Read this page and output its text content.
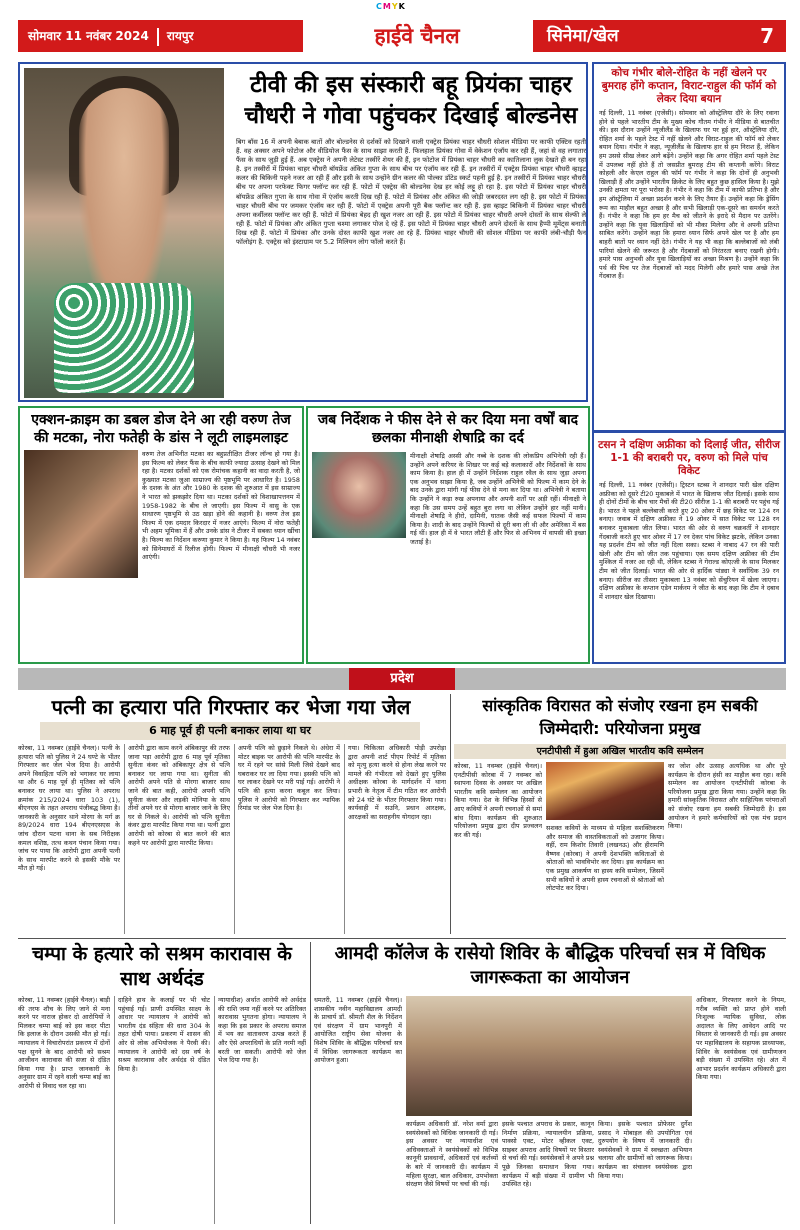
CMYK
सोमवार 11 नवंबर 2024 रायपुर	हाईवे चैनल	सिनेमा/खेल	7
टीवी की इस संस्कारी बहू प्रियंका चाहर चौधरी ने गोवा पहुंचकर दिखाई बोल्डनेस
बिग बॉस 16 में अपनी बेबाक बातों और बोल्डनेस से दर्शकों को दिखाने वाली एक्ट्रेस प्रियंका चाहर चौधरी सोशल मीडिया पर काफी एक्टिव रहती हैं. वह अक्सर अपने फोटोज और वीडियोज फैंस के साथ साझा करती हैं. फिलहाल प्रियंका गोवा में वेकेशन एंजॉय कर रही हैं, जहां से वह लगातार फैंस के साथ जुड़ी हुई हैं. अब एक्ट्रेस ने अपनी लेटेस्ट तस्वीरें शेयर की हैं, इन फोटोज में प्रियंका चाहर चौधरी का कातिलाना लुक देखते ही बन रहा है. इन तस्वीरों में प्रियंका चाहर चौधरी बॉयफ्रेंड अंकित गुप्ता के साथ बीच पर एंजॉय कर रही हैं. इन तस्वीरों में एक्ट्रेस प्रियंका चाहर चौधरी व्हाइट कलर की बिकिनी पहने नजर आ रही हैं और इसी के साथ उन्होंने ग्रीन कलर की पोल्का डॉटेड स्कर्ट पहनी हुई है. इन तस्वीरों में प्रियंका चाहर चौधरी बीच पर अपना परफेक्ट फिगर फ्लॉन्ट कर रही हैं. फोटो में एक्ट्रेस की बोल्डनेस देख हर कोई लट्टू हो रहा है. इस फोटो में प्रियंका चाहर चौधरी बॉयफ्रेंड अंकित गुप्ता के साथ गोवा में एंजॉय करती दिख रही हैं. फोटो में प्रियंका और अंकित की जोड़ी जबरदस्त लग रही है. इस फोटो में प्रियंका चाहर चौधरी बीच पर जमकर एंजॉय कर रही हैं. फोटो में एक्ट्रेस अपनी पूरी बैक फ्लॉन्ट कर रही हैं. इस व्हाइट बिकिनी में प्रियंका चाहर चौधरी अपना कर्वीलस फ्लॉन्ट कर रही हैं. फोटो में प्रियंका बेहद ही खुश नजर आ रही हैं. इस फोटो में प्रियंका चाहर चौधरी अपने दोस्तों के साथ सेल्फी ले रही हैं. फोटो में प्रियंका और अंकित गुप्ता चश्मा लगाकर पोज दे रहे हैं. इस फोटो में प्रियंका चाहर चौधरी अपने दोस्तों के साथ हैप्पी मूमेंट्स बनाती दिख रही हैं. फोटो में प्रियंका और उनके दोस्त काफी खुश नजर आ रहे हैं. प्रियंका चाहर चौधरी की सोशल मीडिया पर काफी लंबी-चौड़ी फैन फॉलोइंग है. एक्ट्रेस को इंस्टाग्राम पर 5.2 मिलियन लोग फॉलो करते हैं।
कोच गंभीर बोले-रोहित के नहीं खेलने पर बुमराह होंगे कप्तान, विराट-राहुल की फॉर्म को लेकर दिया बयान
नई दिल्ली, 11 नवंबर (एजेंसी)। सोमवार को ऑस्ट्रेलिया दौरे के लिए रवाना होने से पहले भारतीय टीम के मुख्य कोच गौतम गंभीर ने मीडिया से बातचीत की। इस दौरान उन्होंने न्यूजीलैंड के खिलाफ घर पर हुई हार, ऑस्ट्रेलिया दौरे, रोहित शर्मा के पहले टेस्ट में नहीं खेलने और विराट-राहुल की फॉर्म को लेकर बयान दिया। गंभीर ने कहा, न्यूजीलैंड के खिलाफ हार से हम निराश हैं, लेकिन हम उससे सीख लेकर आगे बढ़ेंगे। उन्होंने कहा कि अगर रोहित शर्मा पहले टेस्ट में उपलब्ध नहीं होते हैं तो जसप्रीत बुमराह टीम की कप्तानी करेंगे। विराट कोहली और केएल राहुल की फॉर्म पर गंभीर ने कहा कि दोनों ही अनुभवी खिलाड़ी हैं और उन्होंने भारतीय क्रिकेट के लिए बहुत कुछ हासिल किया है। मुझे उनकी क्षमता पर पूरा भरोसा है। गंभीर ने कहा कि टीम में काफी प्रतिभा है और हम ऑस्ट्रेलिया में अच्छा प्रदर्शन करने के लिए तैयार हैं। उन्होंने कहा कि ड्रेसिंग रूम का माहौल बहुत अच्छा है और सभी खिलाड़ी एक-दूसरे का समर्थन करते हैं। गंभीर ने कहा कि हम हर मैच को जीतने के इरादे से मैदान पर उतरेंगे। उन्होंने कहा कि युवा खिलाड़ियों को भी मौका मिलेगा और वे अपनी प्रतिभा साबित करेंगे। उन्होंने कहा कि हमारा ध्यान सिर्फ अपने खेल पर है और हम बाहरी बातों पर ध्यान नहीं देते। गंभीर ने यह भी कहा कि बल्लेबाजों को लंबी पारियां खेलने की जरूरत है और गेंदबाजों को निरंतरता बनाए रखनी होगी। हमारे पास अनुभवी और युवा खिलाड़ियों का अच्छा मिश्रण है। उन्होंने कहा कि पर्थ की पिच पर तेज गेंदबाजों को मदद मिलेगी और हमारे पास अच्छे तेज गेंदबाज हैं।
टसन ने दक्षिण अफ्रीका को दिलाई जीत, सीरीज 1-1 की बराबरी पर, वरुण को मिले पांच विकेट
नई दिल्ली, 11 नवंबर (एजेंसी)। ट्रिस्टन स्टब्स ने शानदार पारी खेल दक्षिण अफ्रीका को दूसरे टी20 मुकाबले में भारत के खिलाफ जीत दिलाई। इसके साथ ही दोनों टीमों के बीच चार मैचों की टी20 सीरीज 1-1 की बराबरी पर पहुंच गई है। भारत ने पहले बल्लेबाजी करते हुए 20 ओवर में छह विकेट पर 124 रन बनाए। जवाब में दक्षिण अफ्रीका ने 19 ओवर में सात विकेट पर 128 रन बनाकर मुकाबला जीत लिया। भारत की ओर से वरुण चक्रवर्ती ने शानदार गेंदबाजी करते हुए चार ओवर में 17 रन देकर पांच विकेट झटके, लेकिन उनका यह प्रदर्शन टीम को जीत नहीं दिला सका। स्टब्स ने नाबाद 47 रन की पारी खेली और टीम को जीत तक पहुंचाया। एक समय दक्षिण अफ्रीका की टीम मुश्किल में नजर आ रही थी, लेकिन स्टब्स ने गेराल्ड कोएत्जी के साथ मिलकर टीम को जीत दिलाई। भारत की ओर से हार्दिक पांड्या ने सर्वाधिक 39 रन बनाए। सीरीज का तीसरा मुकाबला 13 नवंबर को सेंचुरियन में खेला जाएगा। दक्षिण अफ्रीका के कप्तान एडेन मार्करम ने जीत के बाद कहा कि टीम ने दबाव में शानदार खेल दिखाया।
एक्शन-क्राइम का डबल डोज देने आ रही वरुण तेज की मटका, नोरा फतेही के डांस ने लूटी लाइमलाइट
वरुण तेज अभिनीत मटका का बहुप्रतीक्षित टीजर लॉन्च हो गया है। इस फिल्म को लेकर फैंस के बीच काफी ज्यादा उत्साह देखने को मिल रहा है। मटका दर्शकों को एक रोमांचक कहानी का वादा करती है, जो कुख्यात मटका जुआ साम्राज्य की पृष्ठभूमि पर आधारित है। 1958 के दशक के अंत और 1980 के दशक की शुरुआत में इस साम्राज्य ने भारत को झकझोर दिया था। मटका दर्शकों को विशाखापत्तनम में 1958-1982 के बीच ले जाएगी। इस फिल्म में वासु के एक साधारण पृष्ठभूमि से उठ खड़ा होने की कहानी है। वरुण तेज इस फिल्म में एक दमदार किरदार में नजर आएंगे। फिल्म में नोरा फतेही भी अहम भूमिका में हैं और उनके डांस ने टीजर में सबका ध्यान खींचा है। फिल्म का निर्देशन करुणा कुमार ने किया है। यह फिल्म 14 नवंबर को सिनेमाघरों में रिलीज होगी। फिल्म में मीनाक्षी चौधरी भी नजर आएंगी।
जब निर्देशक ने फीस देने से कर दिया मना वर्षों बाद छलका मीनाक्षी शेषाद्रि का दर्द
मीनाक्षी शेषाद्रि अस्सी और नब्बे के दशक की लोकप्रिय अभिनेत्री रही हैं। उन्होंने अपने करियर के शिखर पर कई बड़े कलाकारों और निर्देशकों के साथ काम किया है। हाल ही में उन्होंने निर्देशक राहुल रवैल के साथ जुड़ा अपना एक अनुभव साझा किया है, जब उन्होंने अभिनेत्री को फिल्म में काम देने के बाद उनके द्वारा मांगी गई फीस देने से मना कर दिया था। अभिनेत्री ने बताया कि उन्होंने ने कड़ा रुख अपनाया और अपनी शर्तों पर अड़ी रहीं। मीनाक्षी ने कहा कि उस समय उन्हें बहुत बुरा लगा था लेकिन उन्होंने हार नहीं मानी। मीनाक्षी शेषाद्रि ने हीरो, दामिनी, घातक जैसी कई सफल फिल्मों में काम किया है। शादी के बाद उन्होंने फिल्मों से दूरी बना ली थी और अमेरिका में बस गई थीं। हाल ही में वे भारत लौटी हैं और फिर से अभिनय में वापसी की इच्छा जताई है।
प्रदेश
पत्नी का हत्यारा पति गिरफ्तार कर भेजा गया जेल
6 माह पूर्व ही पत्नी बनाकर लाया था घर
कोरबा, 11 नवम्बर (हाईवे चैनल)। पत्नी के हत्यारा पति को पुलिस ने 24 घण्टे के भीतर गिरफ्तार कर जेल भेज दिया है। आरोपी अपने विवाहिता पत्नि को भगाकर घर लाया था और 6 माह पूर्व ही मृतिका को पत्नि बनाकर घर लाया था। पुलिस ने अपराध क्रमांक 215/2024 धारा 103 (1), बीएनएस के तहत अपराध पंजीबद्ध किया है। जानकारी के अनुसार थाने मोरगा के मर्ग क्र 89/2024 धारा 194 बीएनएसएस के जांच दौरान पटना थाना के सब निरीक्षक कमल वशिष्ठ, तत्थ कथन पंचान किया गया। जांच पर पाया कि आरोपी द्वारा अपनी पत्नी के साथ मारपीट करने से इसकी मौके पर मौत हो गई।
आरोपी द्वारा काम करने अंबिकापुर की तरफ जाना पड़ा आरोपी द्वारा 6 माह पूर्व मृतिका सुनीता कंवर को अंबिकापुर क्षेत्र से पत्नि बनाकर घर लाया गया था। सुनीता की आरोपी अपने पति से मोरगा बाजार साथ जाने की बात कही, आरोपी अपनी पत्नि सुनीता कंवर और लड़की मोनिया के साथ तीनों अपने घर से मोरगा बाजार जाने के लिए घर से निकले थे। आरोपी को पत्नि सुनीता कंवर द्वारा मारपीट किया गया था। पत्नी द्वारा आरोपी को कोरबा से बात करने की बात कहने पर आरोपी द्वारा मारपीट किया।
अपनी पत्नि को छुड़ाने निकले थे। अंधेरा में मोटर बाइक पर आरोपी की पत्नि मारपीट के घर में रहने पर सांसे मिली जिसे देखने बाद घबराकर घर ला दिया गया। इसकी पत्नि को घर लाकर देखने पर मरी पाई गई। आरोपी ने पत्नि की हत्या करना कबूल कर लिया। पुलिस ने आरोपी को गिरफ्तार कर न्यायिक रिमांड पर जेल भेज दिया है।
गया। चिकित्सा अधिकारी पोड़ी उपरोड़ा द्वारा अपनी शार्ट पीएम रिपोर्ट में मृतिका को मृत्यु हत्या करने से होना लेख करने पर मामले की गंभीरता को देखते हुए पुलिस अधीक्षक कोरबा के मार्गदर्शन में थाना प्रभारी के नेतृत्व में टीम गठित कर आरोपी को 24 घंटे के भीतर गिरफ्तार किया गया। कार्यवाही में सउनि, प्रधान आरक्षक, आरक्षकों का सराहनीय योगदान रहा।
सांस्कृतिक विरासत को संजोए रखना हम सबकी जिम्मेदारी: परियोजना प्रमुख
एनटीपीसी में हुआ अखिल भारतीय कवि सम्मेलन
कोरबा, 11 नवम्बर (हाईवे चैनल)। एनटीपीसी कोरबा में 7 नवम्बर को स्थापना दिवस के अवसर पर अखिल भारतीय कवि सम्मेलन का आयोजन किया गया। देश के विभिन्न हिस्सों से आए कवियों ने अपनी रचनाओं से समां बांध दिया। कार्यक्रम की शुरुआत परियोजना प्रमुख द्वारा दीप प्रज्वलन कर की गई।
सशक्त कवियों के माध्यम से महिला सशक्तिकरण और समाज की वास्तविकताओं को उजागर किया। वहीं, राम किशोर तिवारी (लखनऊ) और हीरामणि वैष्णव (कोरबा) ने अपनी देशभक्ति कविताओं से श्रोताओं को भावविभोर कर दिया। इस कार्यक्रम का एक प्रमुख आकर्षण था हास्य कवि सम्मेलन, जिसमें सभी कवियों ने अपनी हास्य रचनाओं से श्रोताओं को लोटपोट कर दिया।
का जोश और उत्साह अत्यधिक था और पूरे कार्यक्रम के दौरान हंसी का माहौल बना रहा। कवि सम्मेलन का आयोजन एनटीपीसी कोरबा के परियोजना प्रमुख द्वारा किया गया। उन्होंने कहा कि हमारी सांस्कृतिक विरासत और साहित्यिक परंपराओं को संजोए रखना हम सबकी जिम्मेदारी है। इस आयोजन ने हमारे कर्मचारियों को एक मंच प्रदान किया।
चम्पा के हत्यारे को सश्रम कारावास के साथ अर्थदंड
कोरबा, 11 नवम्बर (हाईवे चैनल)। बाड़ी की तरफ शौच के लिए जाने से मना करने पर नाराज होकर दो आरोपियों ने मिलकर चम्पा बाई को इस कदर पीटा कि इलाज के दौरान उसकी मौत हो गई। न्यायालय ने विचारोपरांत प्रकरण में दोनों पक्ष सुनने के बाद आरोपी को सश्रम आजीवन कारावास की सजा से दंडित किया गया है। प्राप्त जानकारी के अनुसार ग्राम में रहने वाली चम्पा बाई का आरोपी से विवाद चल रहा था।
दाहिने हाथ के कलाई पर भी चोट पहुंचाई गई। प्राणी उपस्थित साक्ष्य के आधार पर न्यायालय ने आरोपी को भारतीय दंड संहिता की धारा 304 के तहत दोषी पाया। प्रकरण में शासन की ओर से लोक अभियोजक ने पैरवी की। न्यायालय ने आरोपी को दस वर्ष के सश्रम कारावास और अर्थदंड से दंडित किया है।
न्यायाधीश) अर्थात आरोपी को अर्थदंड की राशि जमा नहीं करने पर अतिरिक्त कारावास भुगतना होगा। न्यायालय ने कहा कि इस प्रकार के अपराध समाज में भय का वातावरण उत्पन्न करते हैं और ऐसे अपराधियों के प्रति नरमी नहीं बरती जा सकती। आरोपी को जेल भेज दिया गया है।
आमदी कॉलेज के रासेयो शिविर के बौद्धिक परिचर्चा सत्र में विधिक जागरूकता का आयोजन
धमतरी, 11 नवम्बर (हाईवे चैनल)। शासकीय नवीन महाविद्यालय आमदी के प्राचार्य डॉ. श्रीमती शैल के निर्देशन एवं संरक्षण में ग्राम भानपुरी में आयोजित राष्ट्रीय सेवा योजना के विशेष शिविर के बौद्धिक परिचर्चा सत्र में विधिक जागरूकता कार्यक्रम का आयोजन हुआ।
कार्यक्रम अधिकारी डॉ. नरेश वर्मा द्वारा स्वयंसेवकों को विधिक जानकारी दी गई। इस अवसर पर न्यायाधीश एवं अधिवक्ताओं ने स्वयंसेवकों को विभिन्न कानूनी प्रावधानों, अधिकारों एवं कर्तव्यों के बारे में जानकारी दी। कार्यक्रम में महिला सुरक्षा, बाल अधिकार, उपभोक्ता संरक्षण जैसे विषयों पर चर्चा की गई।
इसके पश्चात अपराध के प्रकार, कानून निर्माण प्रक्रिया, न्यायालयीन प्रक्रिया, पाक्सो एक्ट, मोटर व्हीकल एक्ट, साइबर अपराध आदि विषयों पर विस्तार से चर्चा की गई। स्वयंसेवकों ने अपने प्रश्न पूछे जिनका समाधान किया गया। कार्यक्रम में बड़ी संख्या में ग्रामीण भी उपस्थित रहे।
किया। इसके पश्चात प्रोफेसर दुर्गेश प्रसाद ने मोबाइल की उपयोगिता एवं दुरुपयोग के विषय में जानकारी दी। स्वयंसेवकों ने ग्राम में स्वच्छता अभियान चलाया और ग्रामीणों को जागरूक किया। कार्यक्रम का संचालन स्वयंसेवक द्वारा किया गया।
अधिकार, गिरफ्तार करने के नियम, गरीब व्यक्ति को प्राप्त होने वाली निःशुल्क न्यायिक सुविधा, लोक अदालत के लिए आवेदन आदि पर विस्तार से जानकारी दी गई। इस अवसर पर महाविद्यालय के सहायक प्राध्यापक, शिविर के स्वयंसेवक एवं ग्रामीणजन बड़ी संख्या में उपस्थित रहे। अंत में आभार प्रदर्शन कार्यक्रम अधिकारी द्वारा किया गया।
